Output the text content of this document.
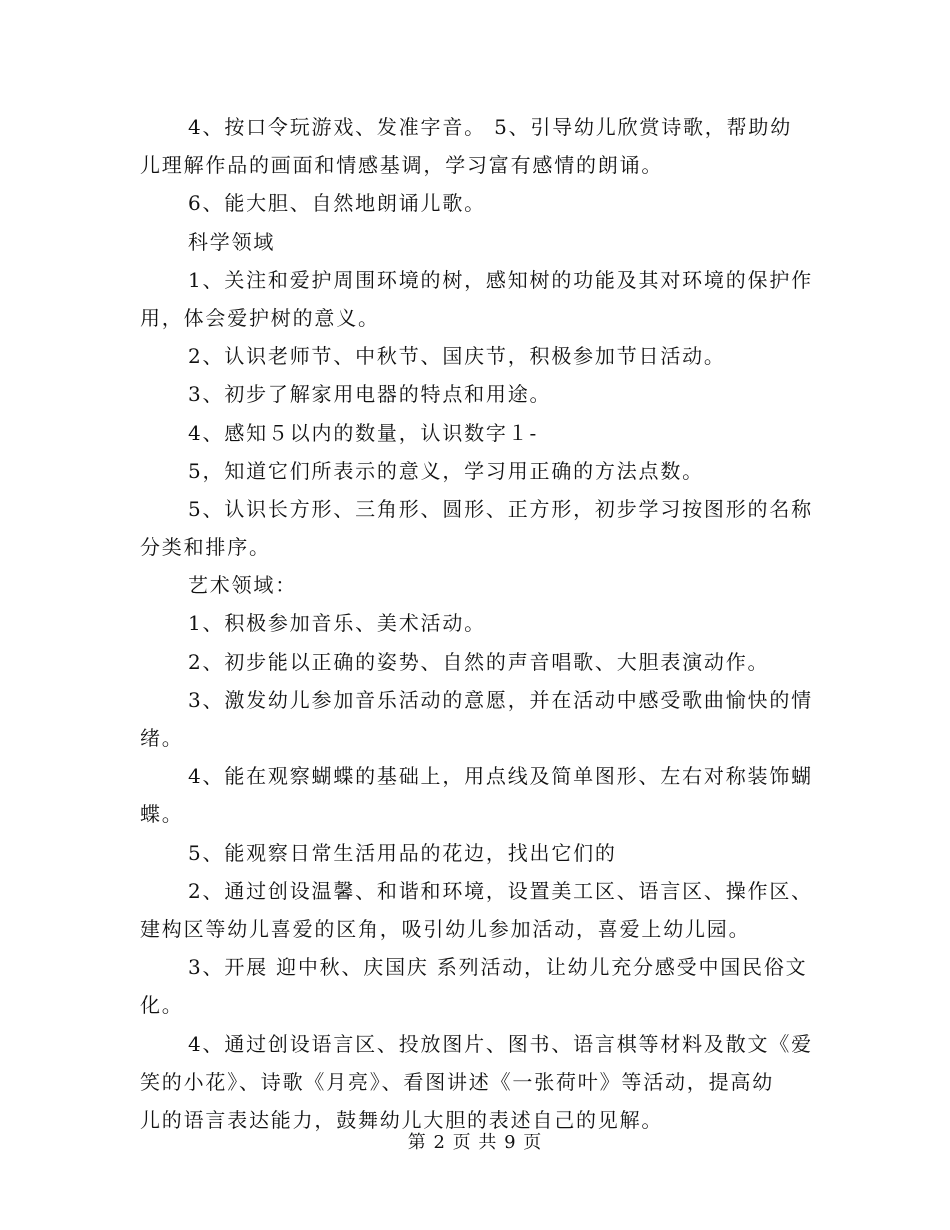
4、按口令玩游戏、发准字音。 5、引导幼儿欣赏诗歌，帮助幼
儿理解作品的画面和情感基调，学习富有感情的朗诵。
6、能大胆、自然地朗诵儿歌。
科学领域
1、关注和爱护周围环境的树，感知树的功能及其对环境的保护作
用，体会爱护树的意义。
2、认识老师节、中秋节、国庆节，积极参加节日活动。
3、初步了解家用电器的特点和用途。
4、感知５以内的数量，认识数字１-
5，知道它们所表示的意义，学习用正确的方法点数。
5、认识长方形、三角形、圆形、正方形，初步学习按图形的名称
分类和排序。
艺术领域：
1、积极参加音乐、美术活动。
2、初步能以正确的姿势、自然的声音唱歌、大胆表演动作。
3、激发幼儿参加音乐活动的意愿，并在活动中感受歌曲愉快的情
绪。
4、能在观察蝴蝶的基础上，用点线及简单图形、左右对称装饰蝴
蝶。
5、能观察日常生活用品的花边，找出它们的
2、通过创设温馨、和谐和环境，设置美工区、语言区、操作区、
建构区等幼儿喜爱的区角，吸引幼儿参加活动，喜爱上幼儿园。
3、开展 迎中秋、庆国庆 系列活动，让幼儿充分感受中国民俗文
化。
4、通过创设语言区、投放图片、图书、语言棋等材料及散文《爱
笑的小花》、诗歌《月亮》、看图讲述《一张荷叶》等活动，提高幼
儿的语言表达能力，鼓舞幼儿大胆的表述自己的见解。
第 2 页 共 9 页
